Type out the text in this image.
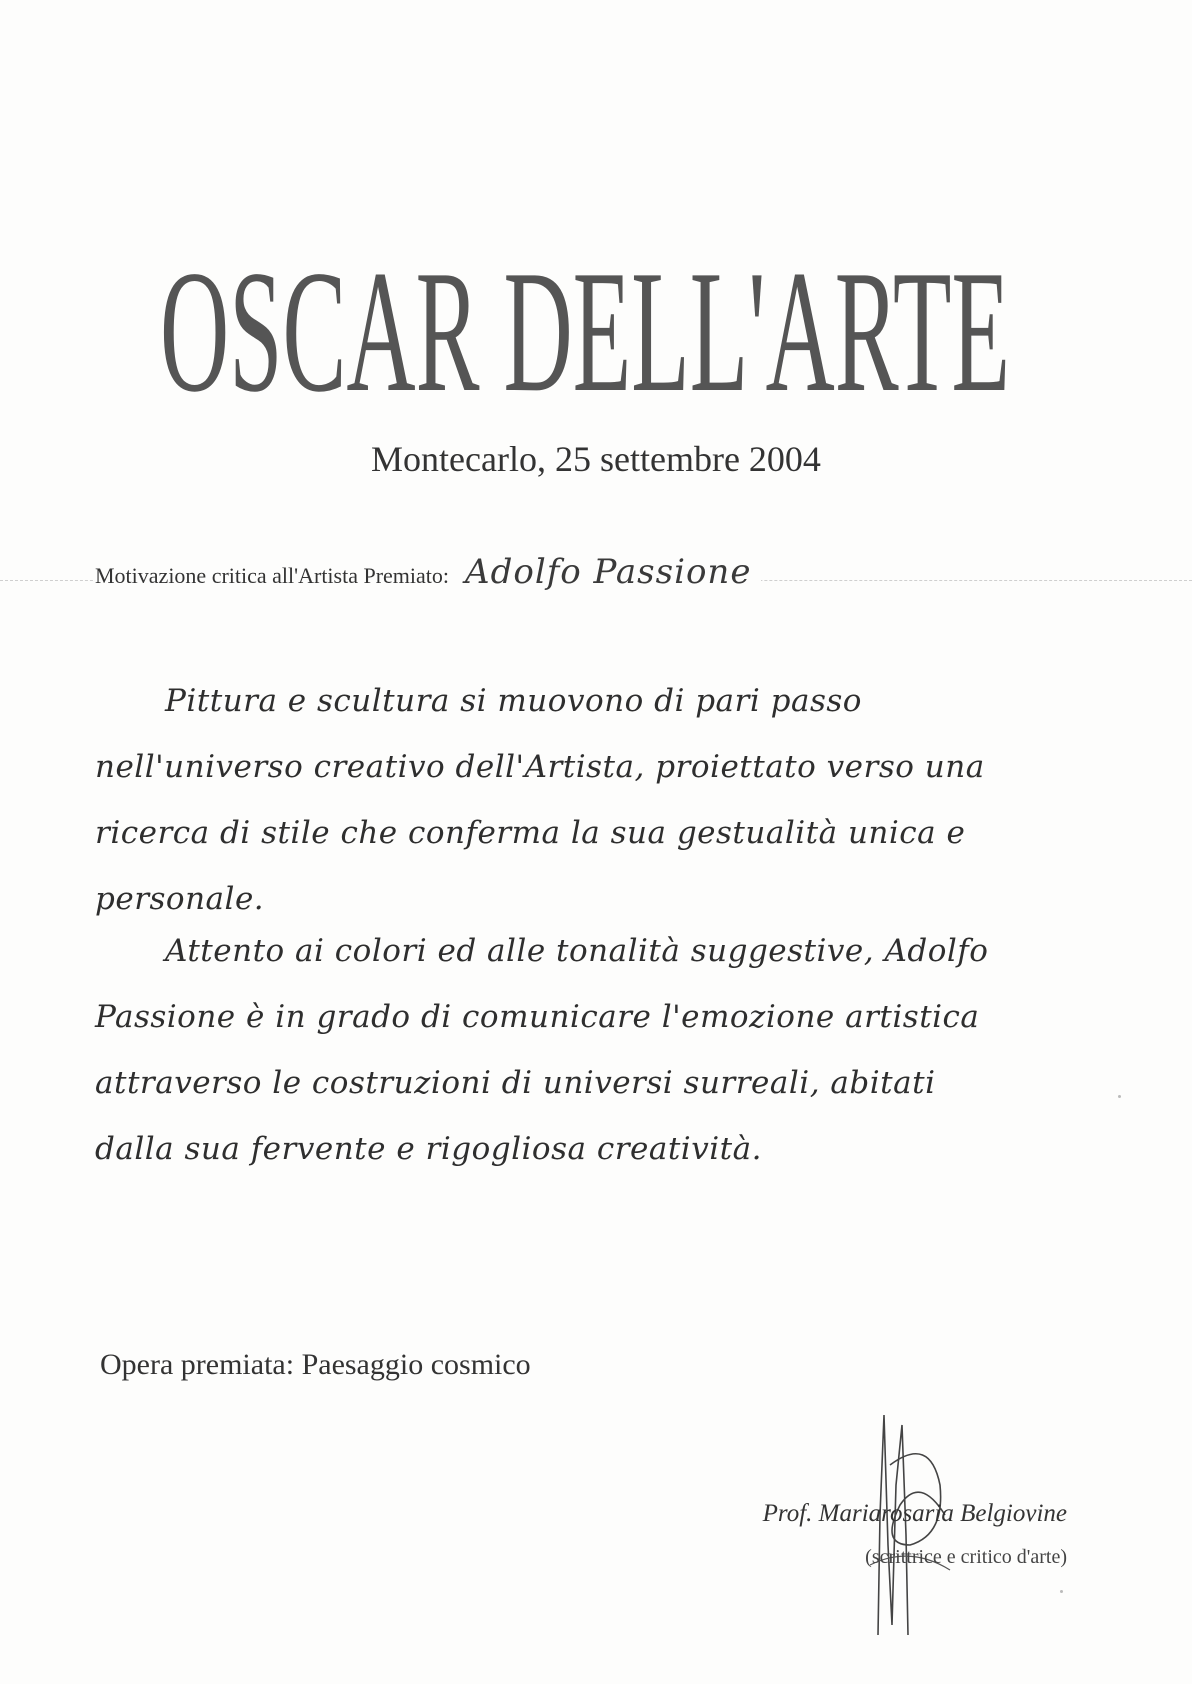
OSCAR DELL'ARTE
Montecarlo, 25 settembre 2004
Motivazione critica all'Artista Premiato: Adolfo Passione
Pittura e scultura si muovono di pari passo nell'universo creativo dell'Artista, proiettato verso una ricerca di stile che conferma la sua gestualità unica e personale.
Attento ai colori ed alle tonalità suggestive, Adolfo Passione è in grado di comunicare l'emozione artistica attraverso le costruzioni di universi surreali, abitati dalla sua fervente e rigogliosa creatività.
Opera premiata: Paesaggio cosmico
Prof. Mariarosaria Belgiovine
(scrittrice e critico d'arte)
